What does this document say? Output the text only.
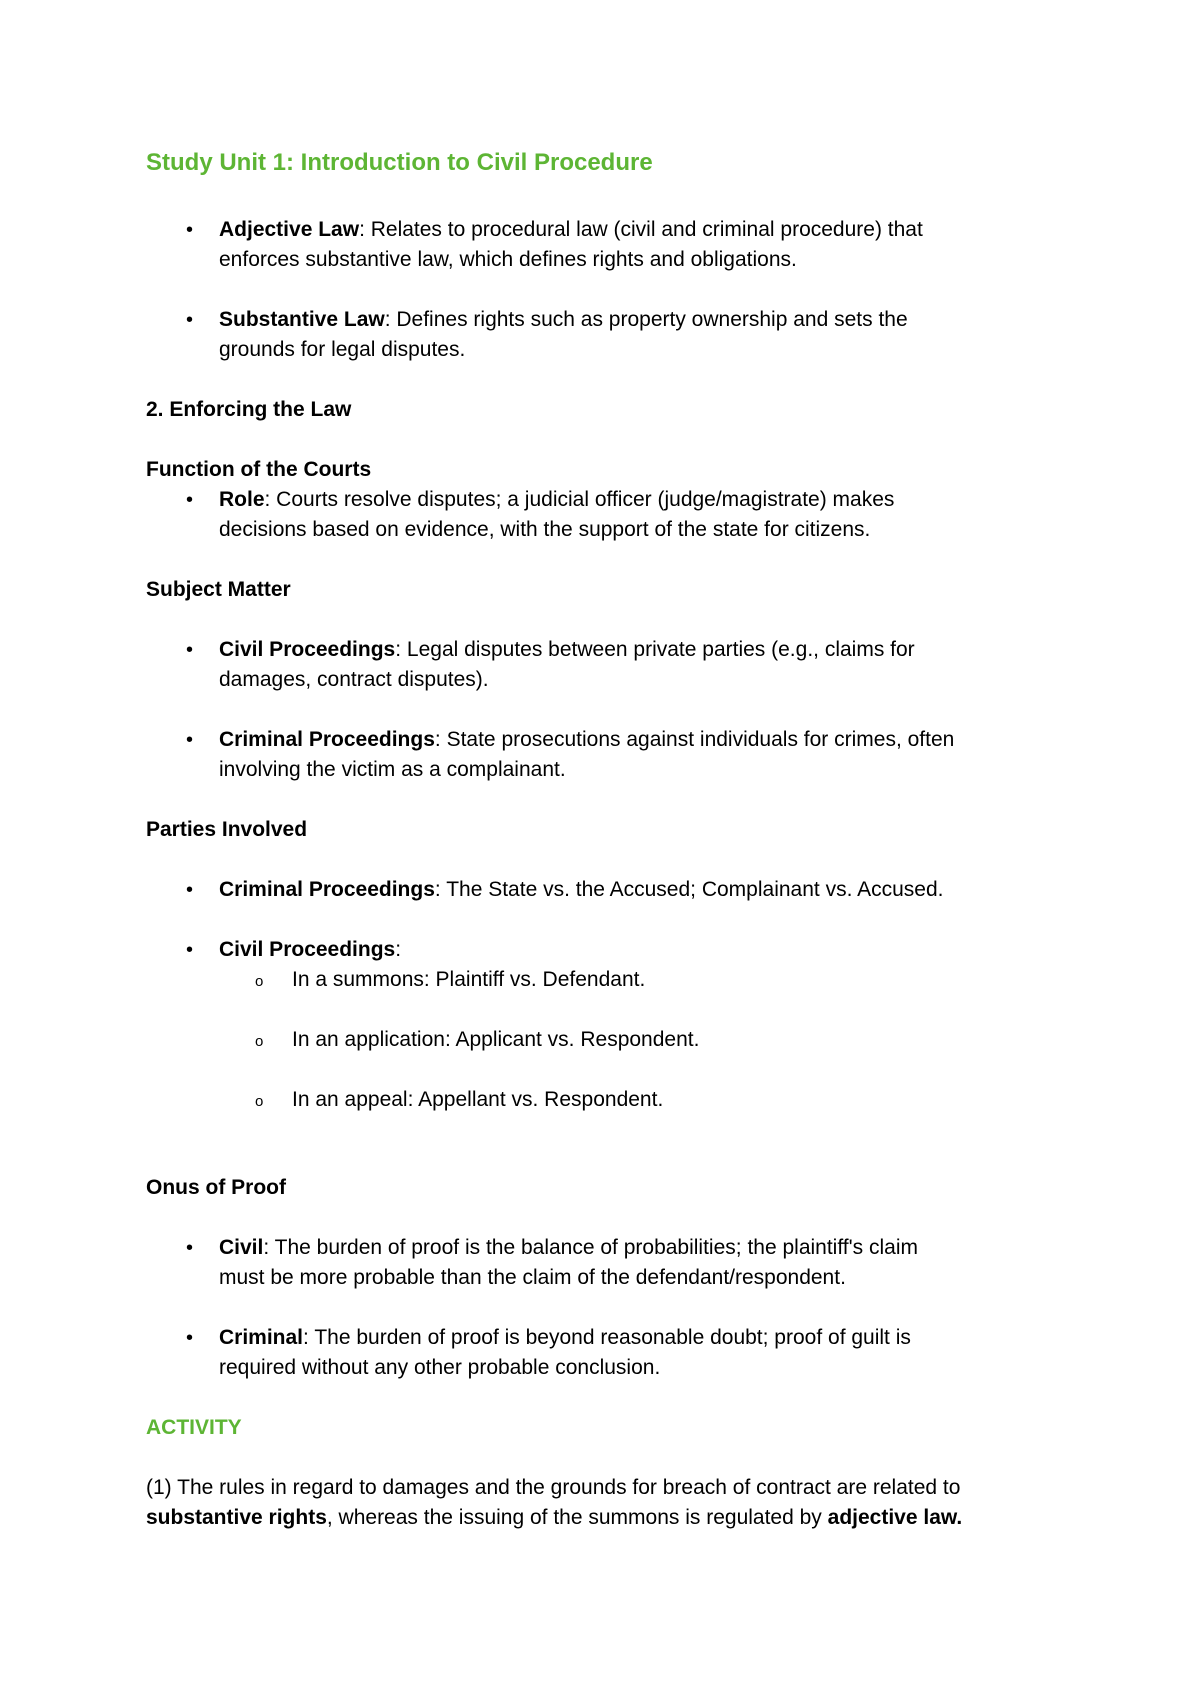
Study Unit 1: Introduction to Civil Procedure
• Adjective Law: Relates to procedural law (civil and criminal procedure) that
enforces substantive law, which defines rights and obligations.
• Substantive Law: Defines rights such as property ownership and sets the
grounds for legal disputes.
2. Enforcing the Law
Function of the Courts
• Role: Courts resolve disputes; a judicial officer (judge/magistrate) makes
decisions based on evidence, with the support of the state for citizens.
Subject Matter
• Civil Proceedings: Legal disputes between private parties (e.g., claims for
damages, contract disputes).
• Criminal Proceedings: State prosecutions against individuals for crimes, often
involving the victim as a complainant.
Parties Involved
• Criminal Proceedings: The State vs. the Accused; Complainant vs. Accused.
• Civil Proceedings:
o In a summons: Plaintiff vs. Defendant.
o In an application: Applicant vs. Respondent.
o In an appeal: Appellant vs. Respondent.
Onus of Proof
• Civil: The burden of proof is the balance of probabilities; the plaintiff's claim
must be more probable than the claim of the defendant/respondent.
• Criminal: The burden of proof is beyond reasonable doubt; proof of guilt is
required without any other probable conclusion.
ACTIVITY
(1) The rules in regard to damages and the grounds for breach of contract are related to
substantive rights, whereas the issuing of the summons is regulated by adjective law.
